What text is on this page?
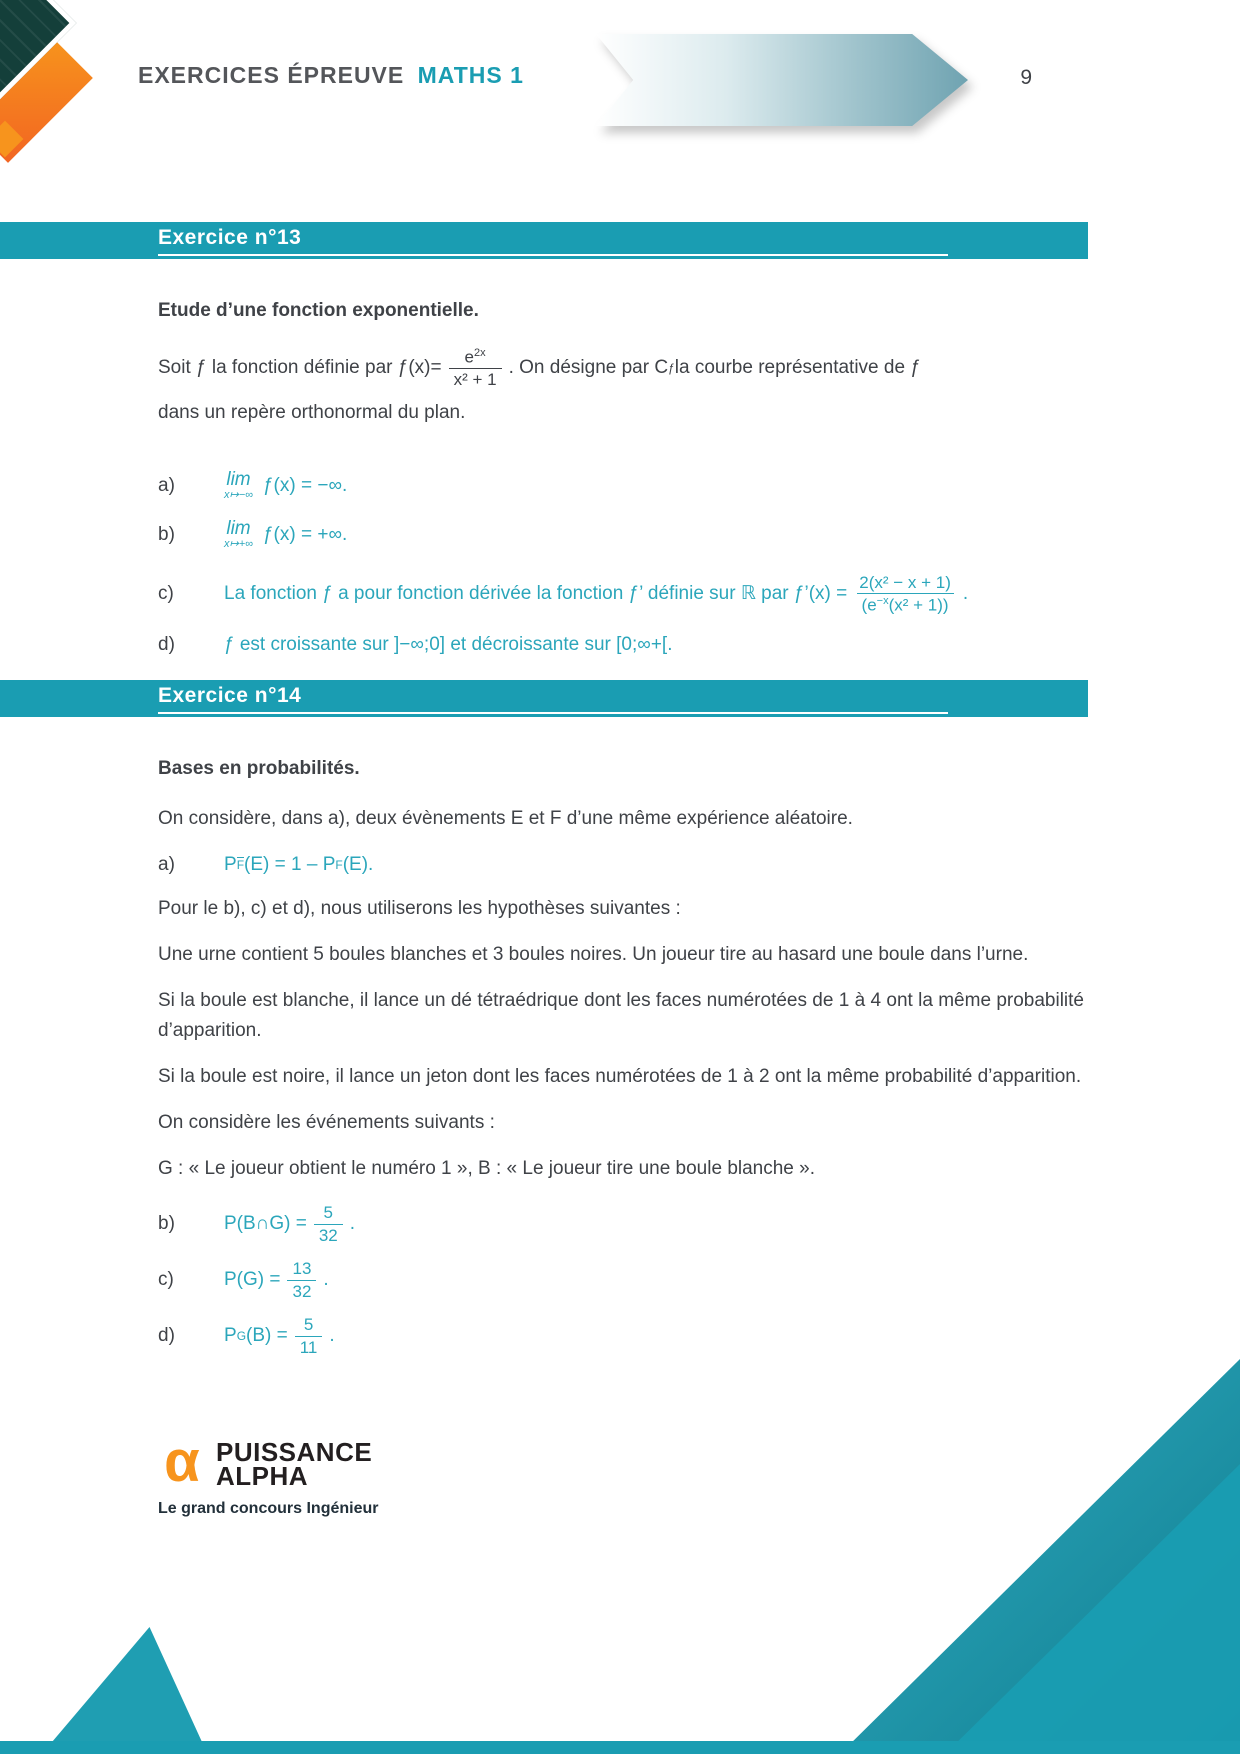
EXERCICES ÉPREUVE MATHS 1	9
Exercice n°13
Etude d’une fonction exponentielle.
Soit ƒ la fonction définie par ƒ(x)= $\frac{e^{2x}}{\text{x² + 1}}$ . On désigne par C ƒ la courbe représentative de ƒ
dans un repère orthonormal du plan.
a)	lim
x↦−∞ ƒ(x) = −∞.
b)	lim
x↦+∞ ƒ(x) = +∞.
c)	La fonction ƒ a pour fonction dérivée la fonction ƒ’ définie sur ℝ par ƒ’(x) = $\frac{\text{2(x² − x + 1)}}{(e^{-x}(x^2 + 1))}$ .
d)	ƒ est croissante sur ]−∞;0] et décroissante sur [0;∞+[.
Exercice n°14
Bases en probabilités.
On considère, dans a), deux évènements E et F d’une même expérience aléatoire.
a)	P F (E) = 1 – P F (E).
Pour le b), c) et d), nous utiliserons les hypothèses suivantes :
Une urne contient 5 boules blanches et 3 boules noires. Un joueur tire au hasard une boule dans l’urne.
Si la boule est blanche, il lance un dé tétraédrique dont les faces numérotées de 1 à 4 ont la même probabilité d’apparition.
Si la boule est noire, il lance un jeton dont les faces numérotées de 1 à 2 ont la même probabilité d’apparition.
On considère les événements suivants :
G : « Le joueur obtient le numéro 1 », B : « Le joueur tire une boule blanche ».
b)	P(B∩G) = $\frac{5}{32}$ .
c)	$P(G) = \frac{13}{32}$ .
d)	P G $(B) = \frac{5}{11}$ .
α PUISSANCE
ALPHA
Le grand concours Ingénieur
